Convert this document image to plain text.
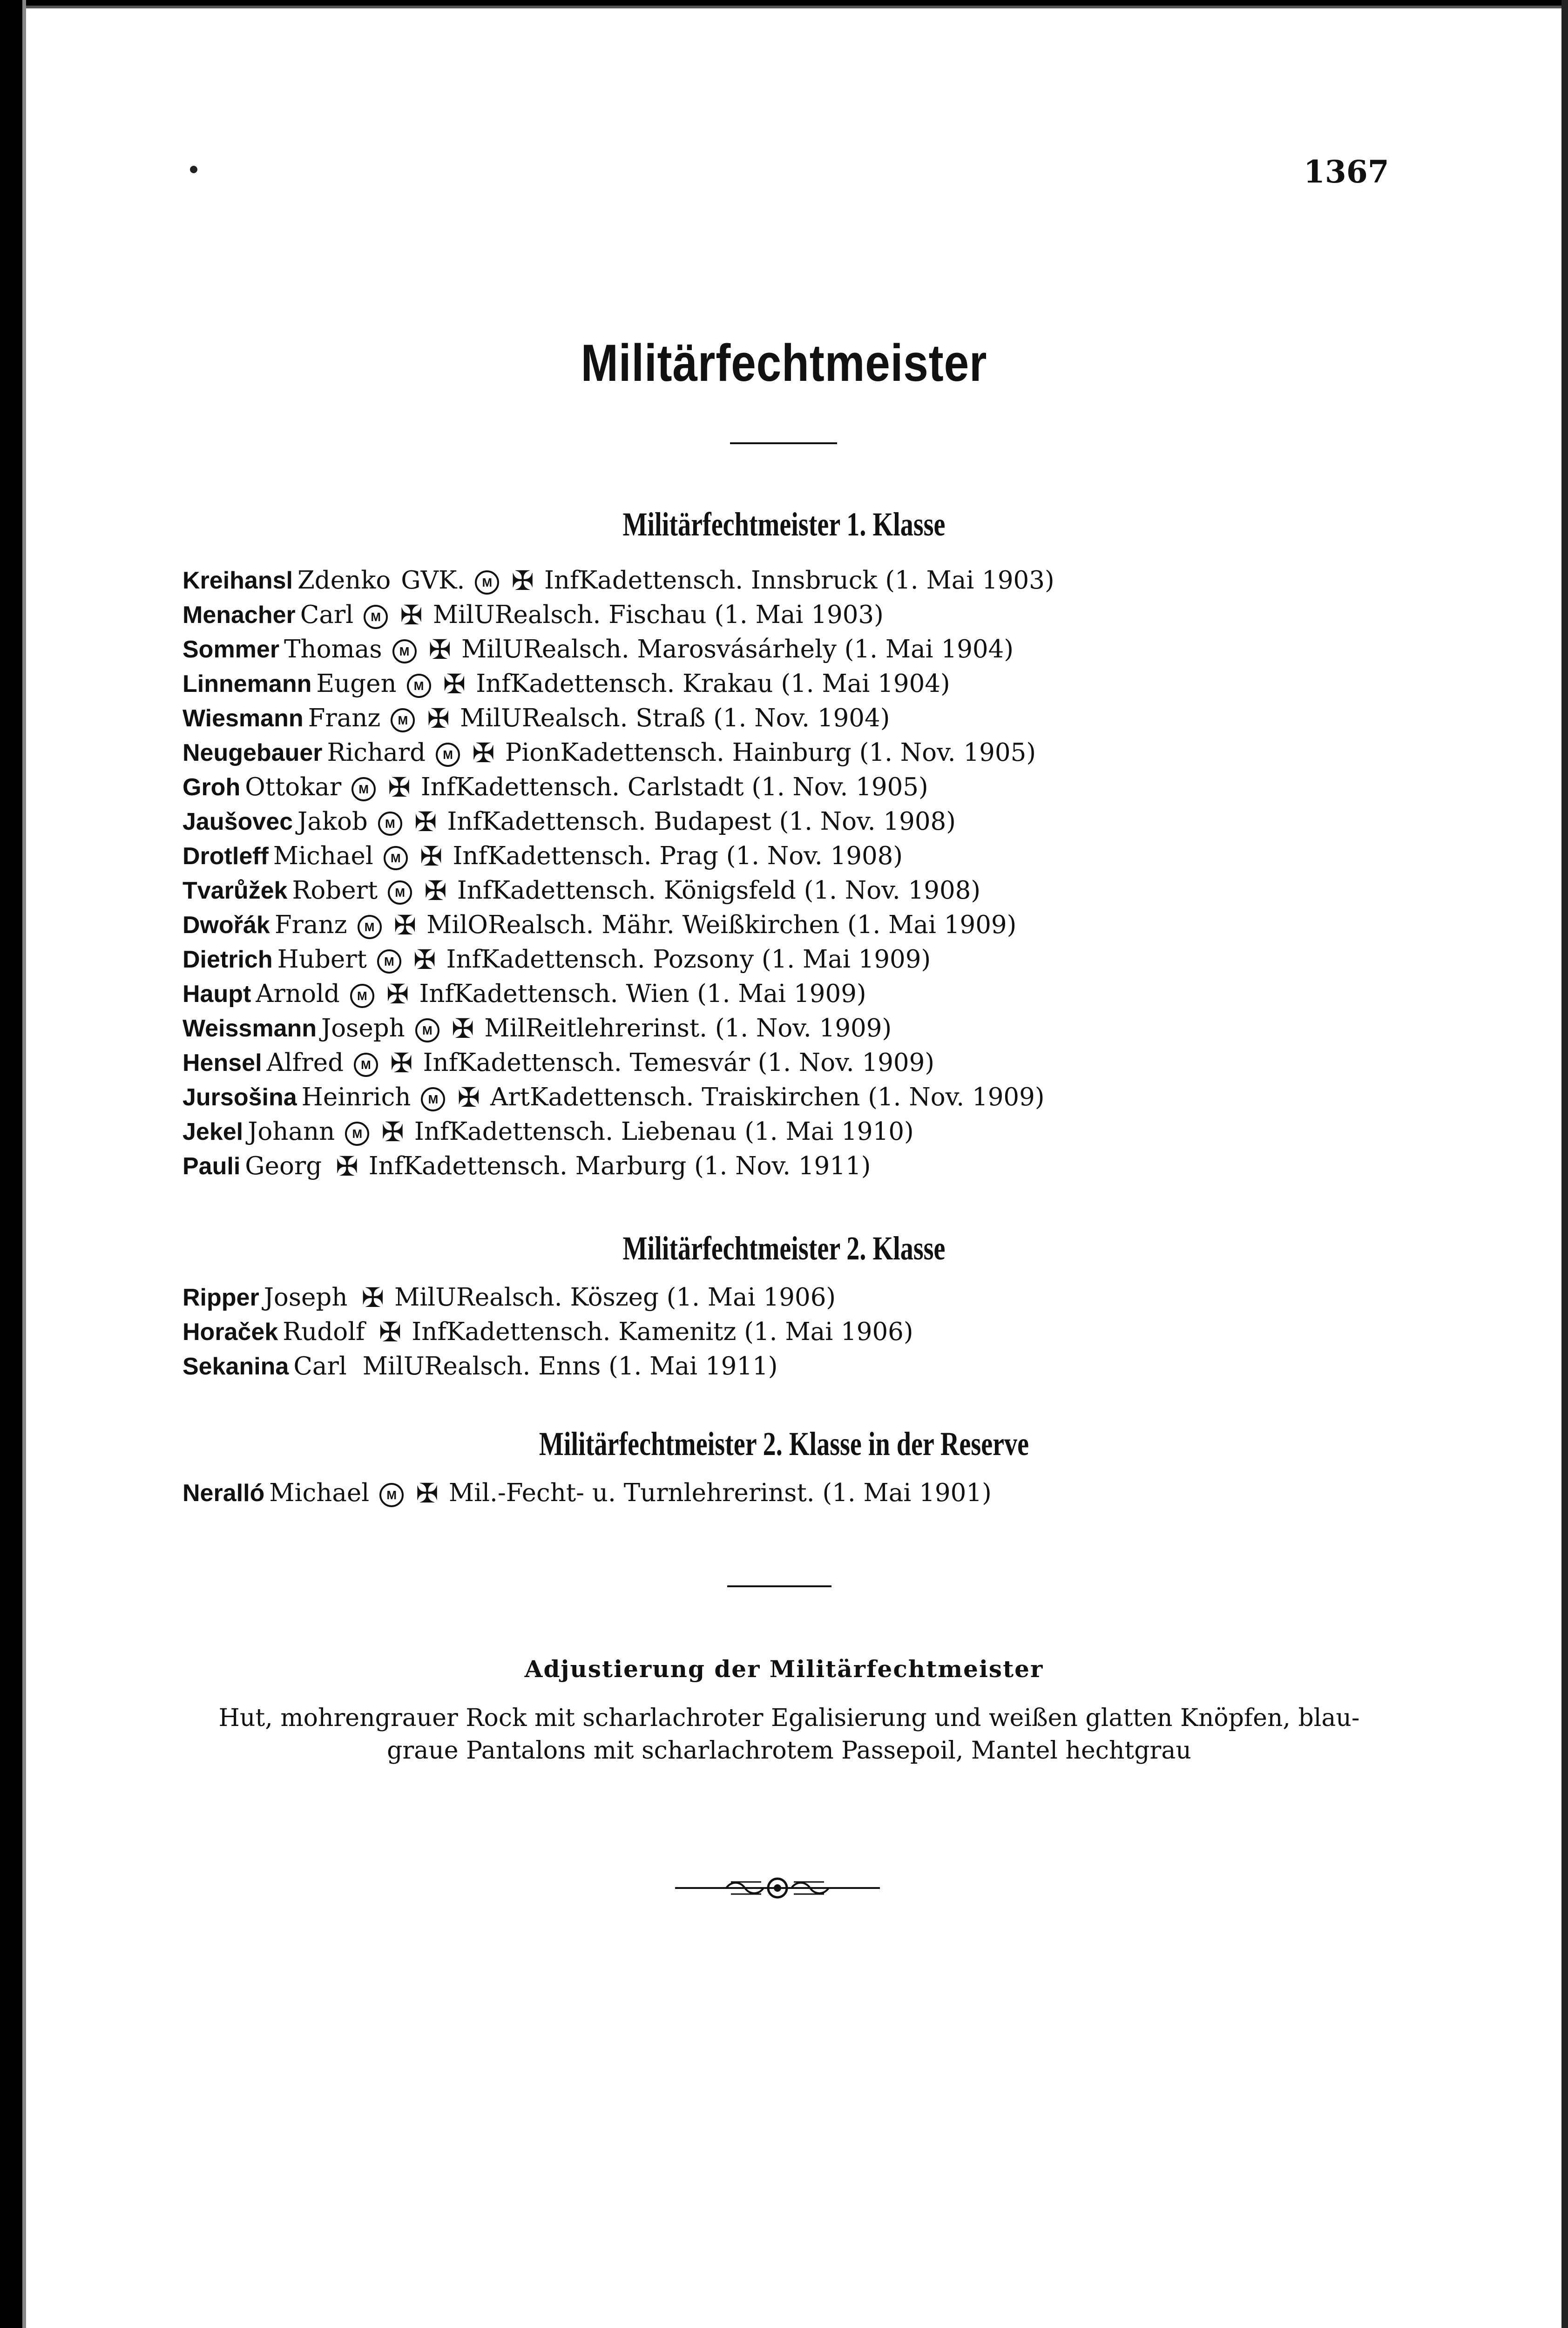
1367
Militärfechtmeister
Militärfechtmeister 1. Klasse
Kreihansl Zdenko GVK. M ✠ InfKadettensch. Innsbruck (1. Mai 1903)
Menacher Carl M ✠ MilURealsch. Fischau (1. Mai 1903)
Sommer Thomas M ✠ MilURealsch. Marosvásárhely (1. Mai 1904)
Linnemann Eugen M ✠ InfKadettensch. Krakau (1. Mai 1904)
Wiesmann Franz M ✠ MilURealsch. Straß (1. Nov. 1904)
Neugebauer Richard M ✠ PionKadettensch. Hainburg (1. Nov. 1905)
Groh Ottokar M ✠ InfKadettensch. Carlstadt (1. Nov. 1905)
Jaušovec Jakob M ✠ InfKadettensch. Budapest (1. Nov. 1908)
Drotleff Michael M ✠ InfKadettensch. Prag (1. Nov. 1908)
Tvarůžek Robert M ✠ InfKadettensch. Königsfeld (1. Nov. 1908)
Dwořák Franz M ✠ MilORealsch. Mähr. Weißkirchen (1. Mai 1909)
Dietrich Hubert M ✠ InfKadettensch. Pozsony (1. Mai 1909)
Haupt Arnold M ✠ InfKadettensch. Wien (1. Mai 1909)
Weissmann Joseph M ✠ MilReitlehrerinst. (1. Nov. 1909)
Hensel Alfred M ✠ InfKadettensch. Temesvár (1. Nov. 1909)
Jursošina Heinrich M ✠ ArtKadettensch. Traiskirchen (1. Nov. 1909)
Jekel Johann M ✠ InfKadettensch. Liebenau (1. Mai 1910)
Pauli Georg ✠ InfKadettensch. Marburg (1. Nov. 1911)
Militärfechtmeister 2. Klasse
Ripper Joseph ✠ MilURealsch. Köszeg (1. Mai 1906)
Horaček Rudolf ✠ InfKadettensch. Kamenitz (1. Mai 1906)
Sekanina Carl MilURealsch. Enns (1. Mai 1911)
Militärfechtmeister 2. Klasse in der Reserve
Neralló Michael M ✠ Mil.-Fecht- u. Turnlehrerinst. (1. Mai 1901)
Adjustierung der Militärfechtmeister
Hut, mohrengrauer Rock mit scharlachroter Egalisierung und weißen glatten Knöpfen, blau-
graue Pantalons mit scharlachrotem Passepoil, Mantel hechtgrau
